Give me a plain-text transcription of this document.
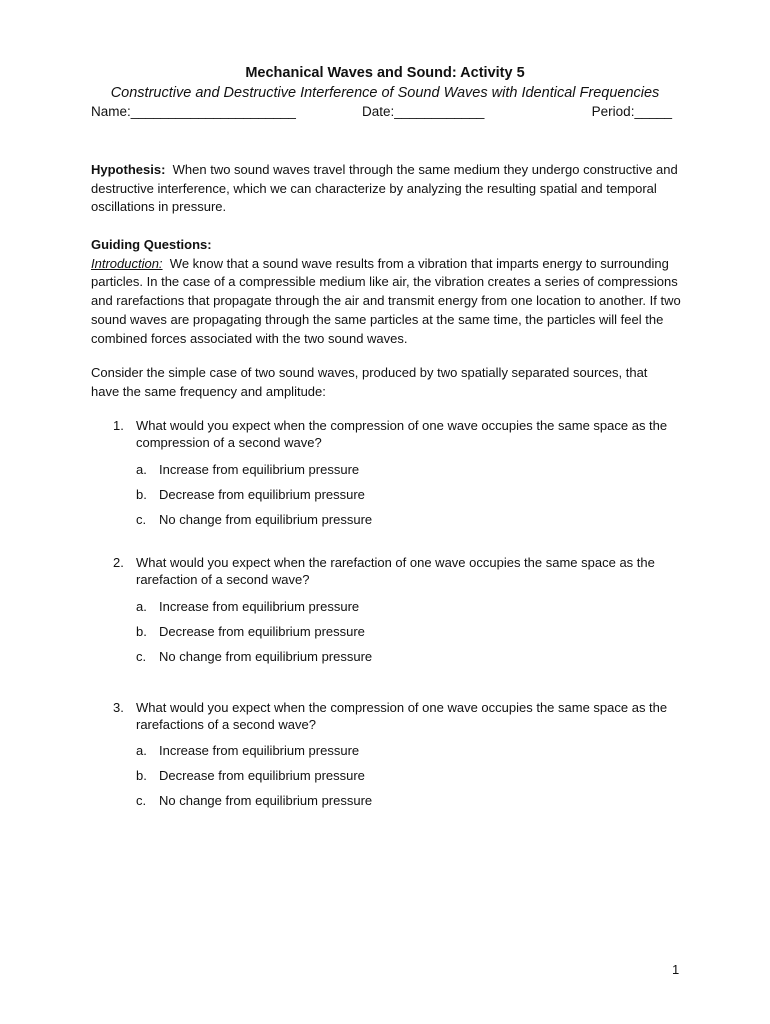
Mechanical Waves and Sound: Activity 5
Constructive and Destructive Interference of Sound Waves with Identical Frequencies
Name:______________________	Date:____________	Period:_____
Hypothesis: When two sound waves travel through the same medium they undergo constructive and destructive interference, which we can characterize by analyzing the resulting spatial and temporal oscillations in pressure.
Guiding Questions:
Introduction: We know that a sound wave results from a vibration that imparts energy to surrounding particles. In the case of a compressible medium like air, the vibration creates a series of compressions and rarefactions that propagate through the air and transmit energy from one location to another. If two sound waves are propagating through the same particles at the same time, the particles will feel the combined forces associated with the two sound waves.
Consider the simple case of two sound waves, produced by two spatially separated sources, that have the same frequency and amplitude:
1. What would you expect when the compression of one wave occupies the same space as the compression of a second wave?
a. Increase from equilibrium pressure
b. Decrease from equilibrium pressure
c. No change from equilibrium pressure
2. What would you expect when the rarefaction of one wave occupies the same space as the rarefaction of a second wave?
a. Increase from equilibrium pressure
b. Decrease from equilibrium pressure
c. No change from equilibrium pressure
3. What would you expect when the compression of one wave occupies the same space as the rarefactions of a second wave?
a. Increase from equilibrium pressure
b. Decrease from equilibrium pressure
c. No change from equilibrium pressure
1
